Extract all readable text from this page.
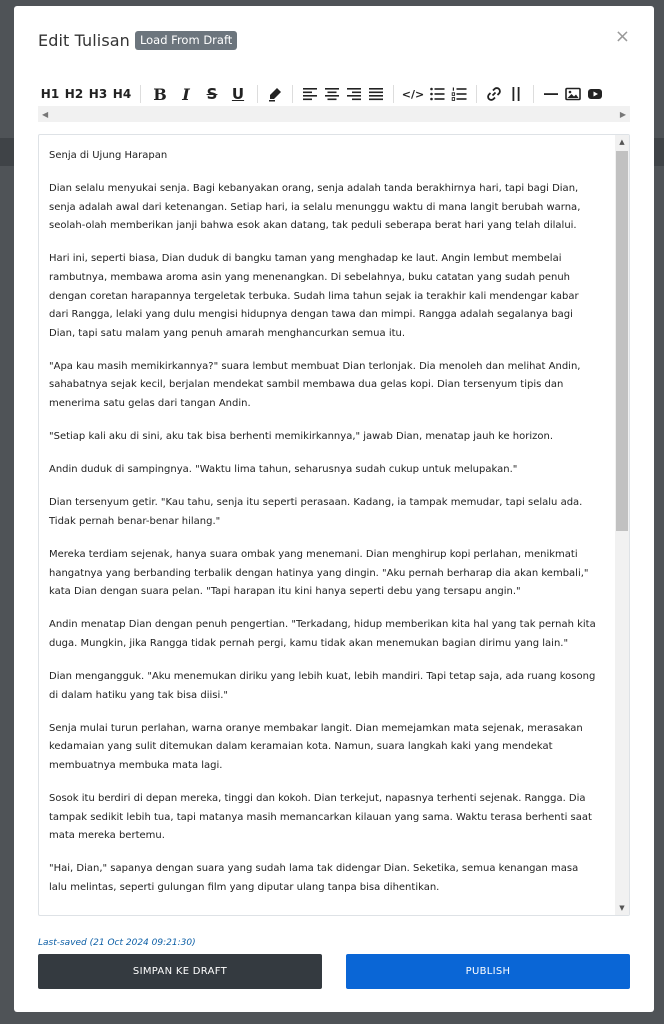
Edit Tulisan Load From Draft	×
H1 H2 H3 H4	B I	S U	</>
◀	▶

Senja di Ujung Harapan

Dian selalu menyukai senja. Bagi kebanyakan orang, senja adalah tanda berakhirnya hari, tapi bagi Dian, senja adalah awal dari ketenangan. Setiap hari, ia selalu menunggu waktu di mana langit berubah warna, seolah-olah memberikan janji bahwa esok akan datang, tak peduli seberapa berat hari yang telah dilalui.

Hari ini, seperti biasa, Dian duduk di bangku taman yang menghadap ke laut. Angin lembut membelai rambutnya, membawa aroma asin yang menenangkan. Di sebelahnya, buku catatan yang sudah penuh dengan coretan harapannya tergeletak terbuka. Sudah lima tahun sejak ia terakhir kali mendengar kabar dari Rangga, lelaki yang dulu mengisi hidupnya dengan tawa dan mimpi. Rangga adalah segalanya bagi Dian, tapi satu malam yang penuh amarah menghancurkan semua itu.

"Apa kau masih memikirkannya?" suara lembut membuat Dian terlonjak. Dia menoleh dan melihat Andin, sahabatnya sejak kecil, berjalan mendekat sambil membawa dua gelas kopi. Dian tersenyum tipis dan menerima satu gelas dari tangan Andin.

"Setiap kali aku di sini, aku tak bisa berhenti memikirkannya," jawab Dian, menatap jauh ke horizon.

Andin duduk di sampingnya. "Waktu lima tahun, seharusnya sudah cukup untuk melupakan."

Dian tersenyum getir. "Kau tahu, senja itu seperti perasaan. Kadang, ia tampak memudar, tapi selalu ada. Tidak pernah benar-benar hilang."

Mereka terdiam sejenak, hanya suara ombak yang menemani. Dian menghirup kopi perlahan, menikmati hangatnya yang berbanding terbalik dengan hatinya yang dingin. "Aku pernah berharap dia akan kembali," kata Dian dengan suara pelan. "Tapi harapan itu kini hanya seperti debu yang tersapu angin."

Andin menatap Dian dengan penuh pengertian. "Terkadang, hidup memberikan kita hal yang tak pernah kita duga. Mungkin, jika Rangga tidak pernah pergi, kamu tidak akan menemukan bagian dirimu yang lain."

Dian mengangguk. "Aku menemukan diriku yang lebih kuat, lebih mandiri. Tapi tetap saja, ada ruang kosong di dalam hatiku yang tak bisa diisi."

Senja mulai turun perlahan, warna oranye membakar langit. Dian memejamkan mata sejenak, merasakan kedamaian yang sulit ditemukan dalam keramaian kota. Namun, suara langkah kaki yang mendekat membuatnya membuka mata lagi.

Sosok itu berdiri di depan mereka, tinggi dan kokoh. Dian terkejut, napasnya terhenti sejenak. Rangga. Dia tampak sedikit lebih tua, tapi matanya masih memancarkan kilauan yang sama. Waktu terasa berhenti saat mata mereka bertemu.

"Hai, Dian," sapanya dengan suara yang sudah lama tak didengar Dian. Seketika, semua kenangan masa lalu melintas, seperti gulungan film yang diputar ulang tanpa bisa dihentikan.

▲
▼
Last-saved (21 Oct 2024 09:21:30)
SIMPAN KE DRAFT	PUBLISH
